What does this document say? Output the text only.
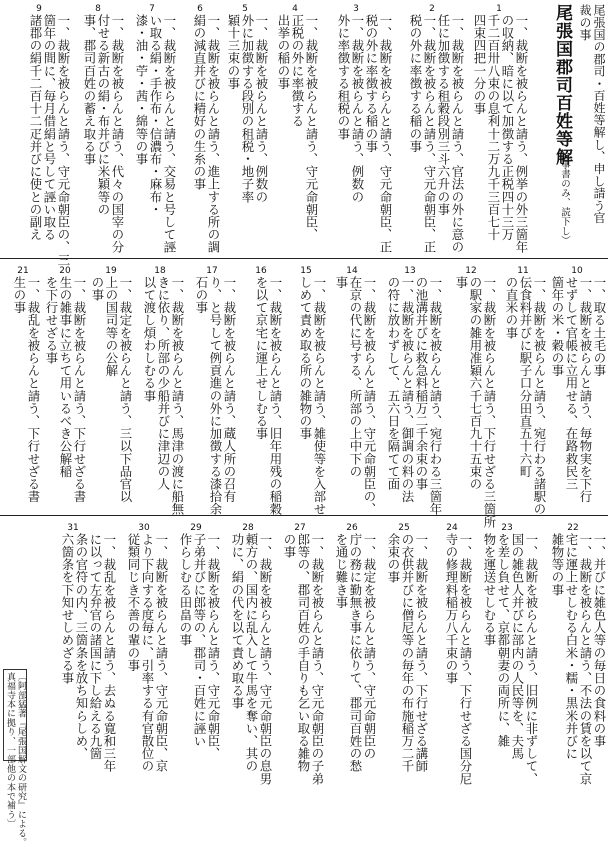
尾張国郡司百姓等解
（事書のみ、読下し） 尾張国の郡司・百姓等解し、申し請う官
裁の事
1
一、裁断を被らんと請う、例挙の外三箇年
の収納、暗に以て加徴する正税四十三万
千二百卅八束の息利十二万九千三百七十
四束四把一分の事
2
一、裁断を被らんと請う、官法の外に意の
任に加徴する租穀段別三斗六升の事
一、裁断を被らんと請う、守元命朝臣、正
税の外に率徴する稲の事
3
一、裁断を被らんと請う、守元命朝臣、正
税の外に率徴する稲の事
一、裁断を被らんと請う、例数の
外に率徴する租税の事
4
一、裁断を被らんと請う、守元命朝臣、
正税の外に率徴する
出挙の稲の事
5
一、裁断を被らんと請う、例数の
外に加徴する段別の租税・地子率
穎十三束の事
6
一、裁断を被らんと請う、進上する所の調
絹の減直并びに精好の生糸の事
7
一、裁断を被らんと請う、交易と号して誣
い取る絹・手作布・信濃布・麻布・
漆・油・苧・茜・綿等の事
8
一、裁断を被らんと請う、代々の国宰の分
付せる新古の絹・布并びに米穎等の
事、郡司百姓の蓄え取る事
9
一、裁断を被らんと請う、守元命朝臣の、三
箇年の間に、毎月借絹と号して誣い取る
諸郡の絹千二百十二疋并びに使との副え
10
一、取る土毛の事
一、裁断を被らんと請う、毎物実を下行
せずして官帳に立用せる、在路救民三
箇年の米・穀の事
11
一、裁断を被らんと請う、宛行わる諸駅の
伝食料并びに駅子口分田直五十六町
の直米の事
12
一、裁断を被らんと請う、下行せざる三箇所
の駅家の雑用准穎六千七百九十五束の
事
13
一、裁断を被らんと請う、宛行わる三箇年
の池溝并びに救急料稲万二千余束の事
一、裁断を被らんと請う、御調の料の法
の符に放わずして、五六日を隔てて面
14
一、裁断を被らんと請う、守元命朝臣の、
在京の代に号する、所部の上中下の
事
15
一、裁断を被らんと請う、雑使等を入部せ
しめて責め取る所の雑物の事
16
一、裁断を被らんと請う、旧年用残の稲穀
を以て京宅に運上せしむる事
17
一、裁断を被らんと請う、蔵人所の召有
り、と号して例貢進の外に加徴する漆拾余
石の事
18
一、裁断を被らんと請う、馬津の渡に船無
きに依り、所部の少船并びに津辺の人
以て渡し煩わしむる事
19
一、裁定を被らんと請う、三以下品官以
上の国司等の公解
の事
20
一、裁断を被らんと請う、下行せざる書
生の雑事に立ちて用いるべき公解稲
を下行せざる事
21
一、裁乱を被らんと請う、下行せざる書
生の事
22
一、并びに雑色人等の毎日の食料の事
一、裁断を被らんと請う、不法の賃を以て京
宅に運上せしむる白米・糯・黒米并びに
雑物等の事
23
一、裁断を被らんと請う、旧例に非ずして、
国の雑色人并びに部内の人民等を、夫馬
を差し負せて、京都朝妻の両所に、雑
物を運送せしむる事
24
一、裁断を被らんと請う、下行せざる国分尼
寺の修理料稲万八千束の事
25
一、裁断を被らんと請う、下行せざる講師
の衣供并びに僧尼等の毎年の布施稲万二千
余束の事
26
一、裁定を被らんと請う、守元命朝臣の
庁の務に勤無き事に依りて、郡司百姓の愁
を通じ難き事
27
一、裁断を被らんと請う、守元命朝臣の子弟
郎等の、郡司百姓の手自りも乞い取る雑物
の事
28
一、裁断を被らんと請う、守元命朝臣の息男
頼方の、国内に乱入して牛馬を奪い、其の
功に、絹の代を以て責め取る事
29
一、裁断を被らんと請う、守元命朝臣、
子弟并びに郎等の、郡司・百姓に誣い
作らしむる田畠の事
30
一、裁断を被らんと請う、守元命朝臣、京
より下向する度毎に、引率する有官散位の
従類同じき不善の輩の事
31
一、裁乱を被らんと請う、去ぬる寛和三年
に以って左弁官の諸国に下し給える九箇
条の官符の内、三箇条を放ち知らしめ、
六箇条を下知せしめざる事
〔阿部猛著『尾張国解文の研究』による。
真福寺本に拠り、一部他の本で補う〕
